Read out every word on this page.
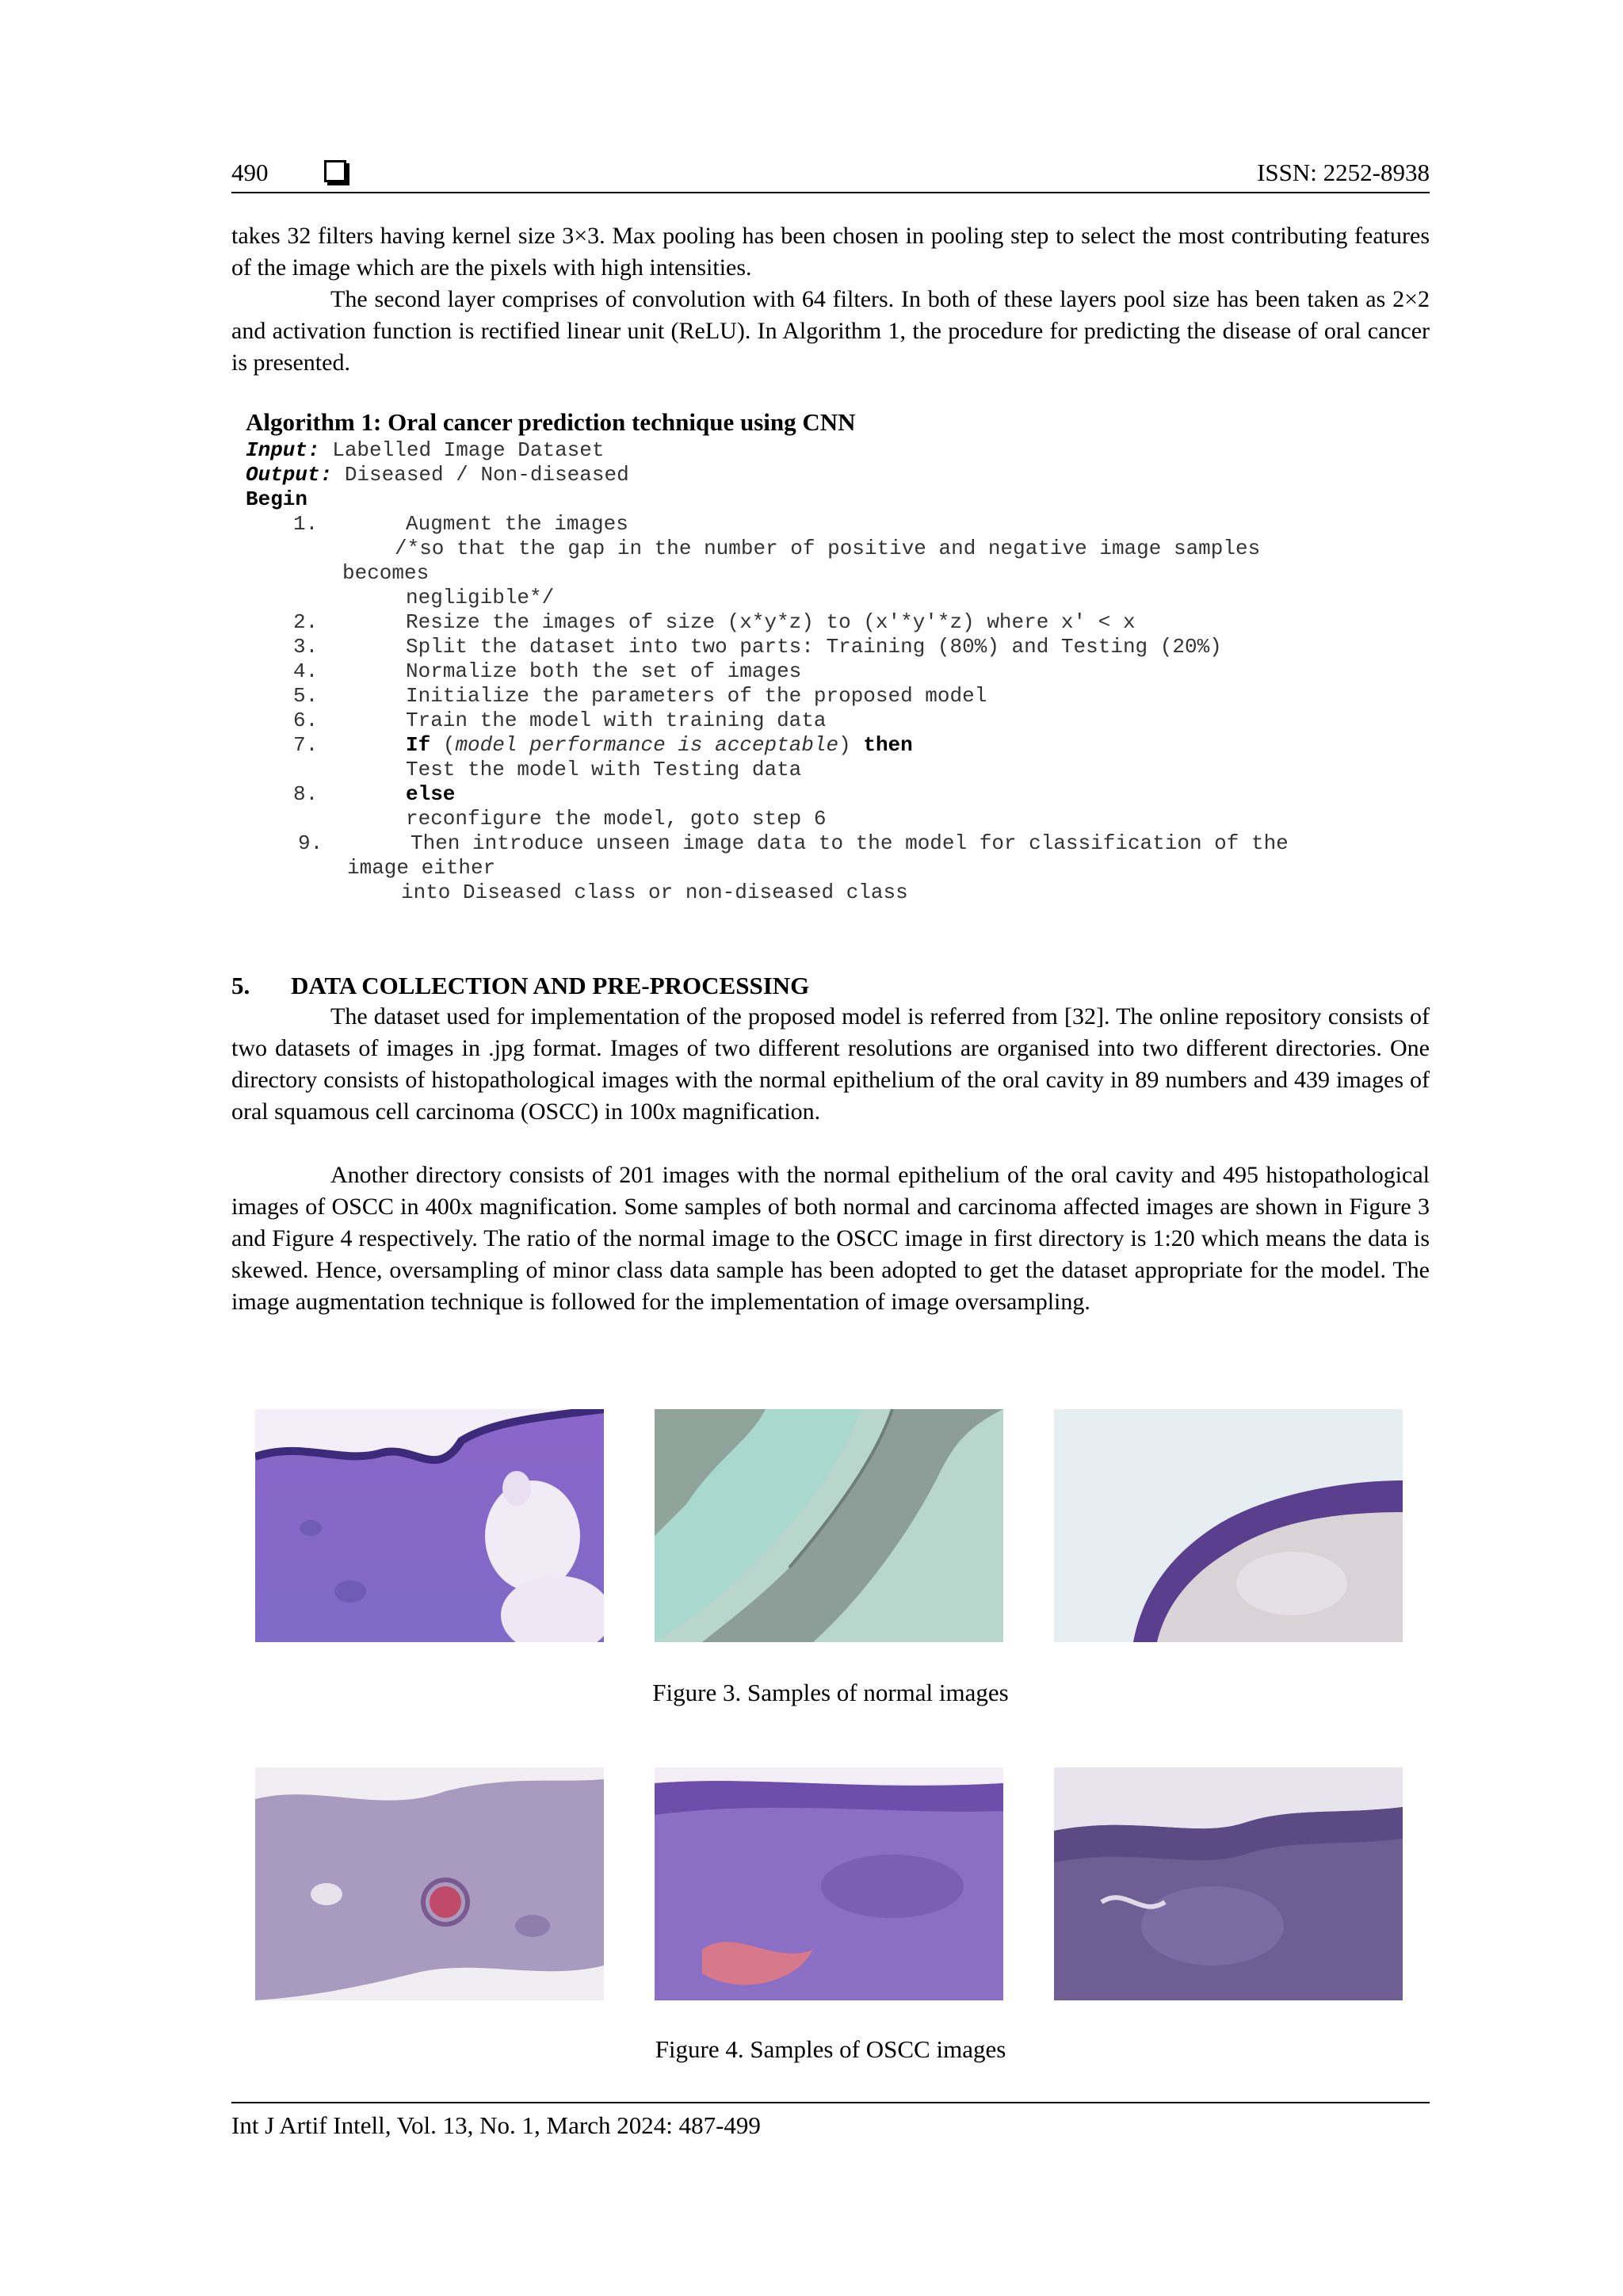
490	ISSN: 2252-8938
takes 32 filters having kernel size 3×3. Max pooling has been chosen in pooling step to select the most contributing features of the image which are the pixels with high intensities.
The second layer comprises of convolution with 64 filters. In both of these layers pool size has been taken as 2×2 and activation function is rectified linear unit (ReLU). In Algorithm 1, the procedure for predicting the disease of oral cancer is presented.
Algorithm 1: Oral cancer prediction technique using CNN

Input: Labelled Image Dataset

Output: Diseased / Non-diseased

Begin

1.

	Augment the images

/*so that the gap in the number of positive and negative image samples

becomes

negligible*/

2.

	Resize the images of size (x*y*z) to (x'*y'*z) where x' < x

3.

	Split the dataset into two parts: Training (80%) and Testing (20%)

4.

	Normalize both the set of images

5.

	Initialize the parameters of the proposed model

6.

	Train the model with training data

7.

	If (model performance is acceptable) then

Test the model with Testing data

8.

	else

reconfigure the model, goto step 6

9.

	Then introduce unseen image data to the model for classification of the

image either

into Diseased class or non-diseased class

5. DATA COLLECTION AND PRE-PROCESSING
The dataset used for implementation of the proposed model is referred from [32]. The online repository consists of two datasets of images in .jpg format. Images of two different resolutions are organised into two different directories. One directory consists of histopathological images with the normal epithelium of the oral cavity in 89 numbers and 439 images of oral squamous cell carcinoma (OSCC) in 100x magnification.
Another directory consists of 201 images with the normal epithelium of the oral cavity and 495 histopathological images of OSCC in 400x magnification. Some samples of both normal and carcinoma affected images are shown in Figure 3 and Figure 4 respectively. The ratio of the normal image to the OSCC image in first directory is 1:20 which means the data is skewed. Hence, oversampling of minor class data sample has been adopted to get the dataset appropriate for the model. The image augmentation technique is followed for the implementation of image oversampling.
Figure 3. Samples of normal images
Figure 4. Samples of OSCC images
Int J Artif Intell, Vol. 13, No. 1, March 2024: 487-499
